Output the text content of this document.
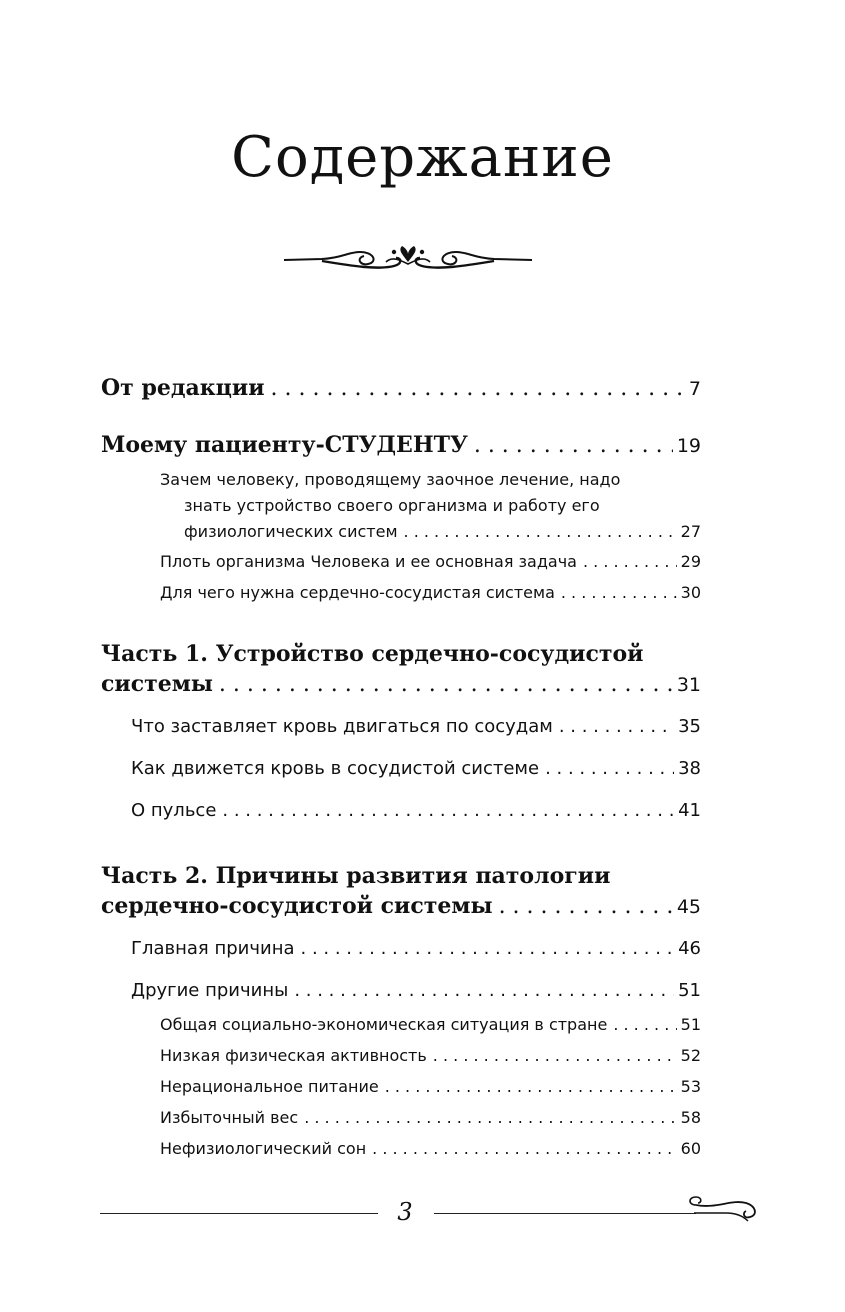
Содержание
От редакции . . .	7
Моему пациенту-СТУДЕНТУ . . .	19
Зачем человеку, проводящему заочное лечение, надо
знать устройство своего организма и работу его
физиологических систем . . .	27
Плоть организма Человека и ее основная задача . . .	29
Для чего нужна сердечно-сосудистая система . . .	30
Часть 1. Устройство сердечно-сосудистой
системы . . .	31
Что заставляет кровь двигаться по сосудам . . .	35
Как движется кровь в сосудистой системе . . .	38
О пульсе . . .	41
Часть 2. Причины развития патологии
сердечно-сосудистой системы . . .	45
Главная причина . . .	46
Другие причины . . .	51
Общая социально-экономическая ситуация в стране . . .	51
Низкая физическая активность . . .	52
Нерациональное питание . . .	53
Избыточный вес . . .	58
Нефизиологический сон . . .	60
3
